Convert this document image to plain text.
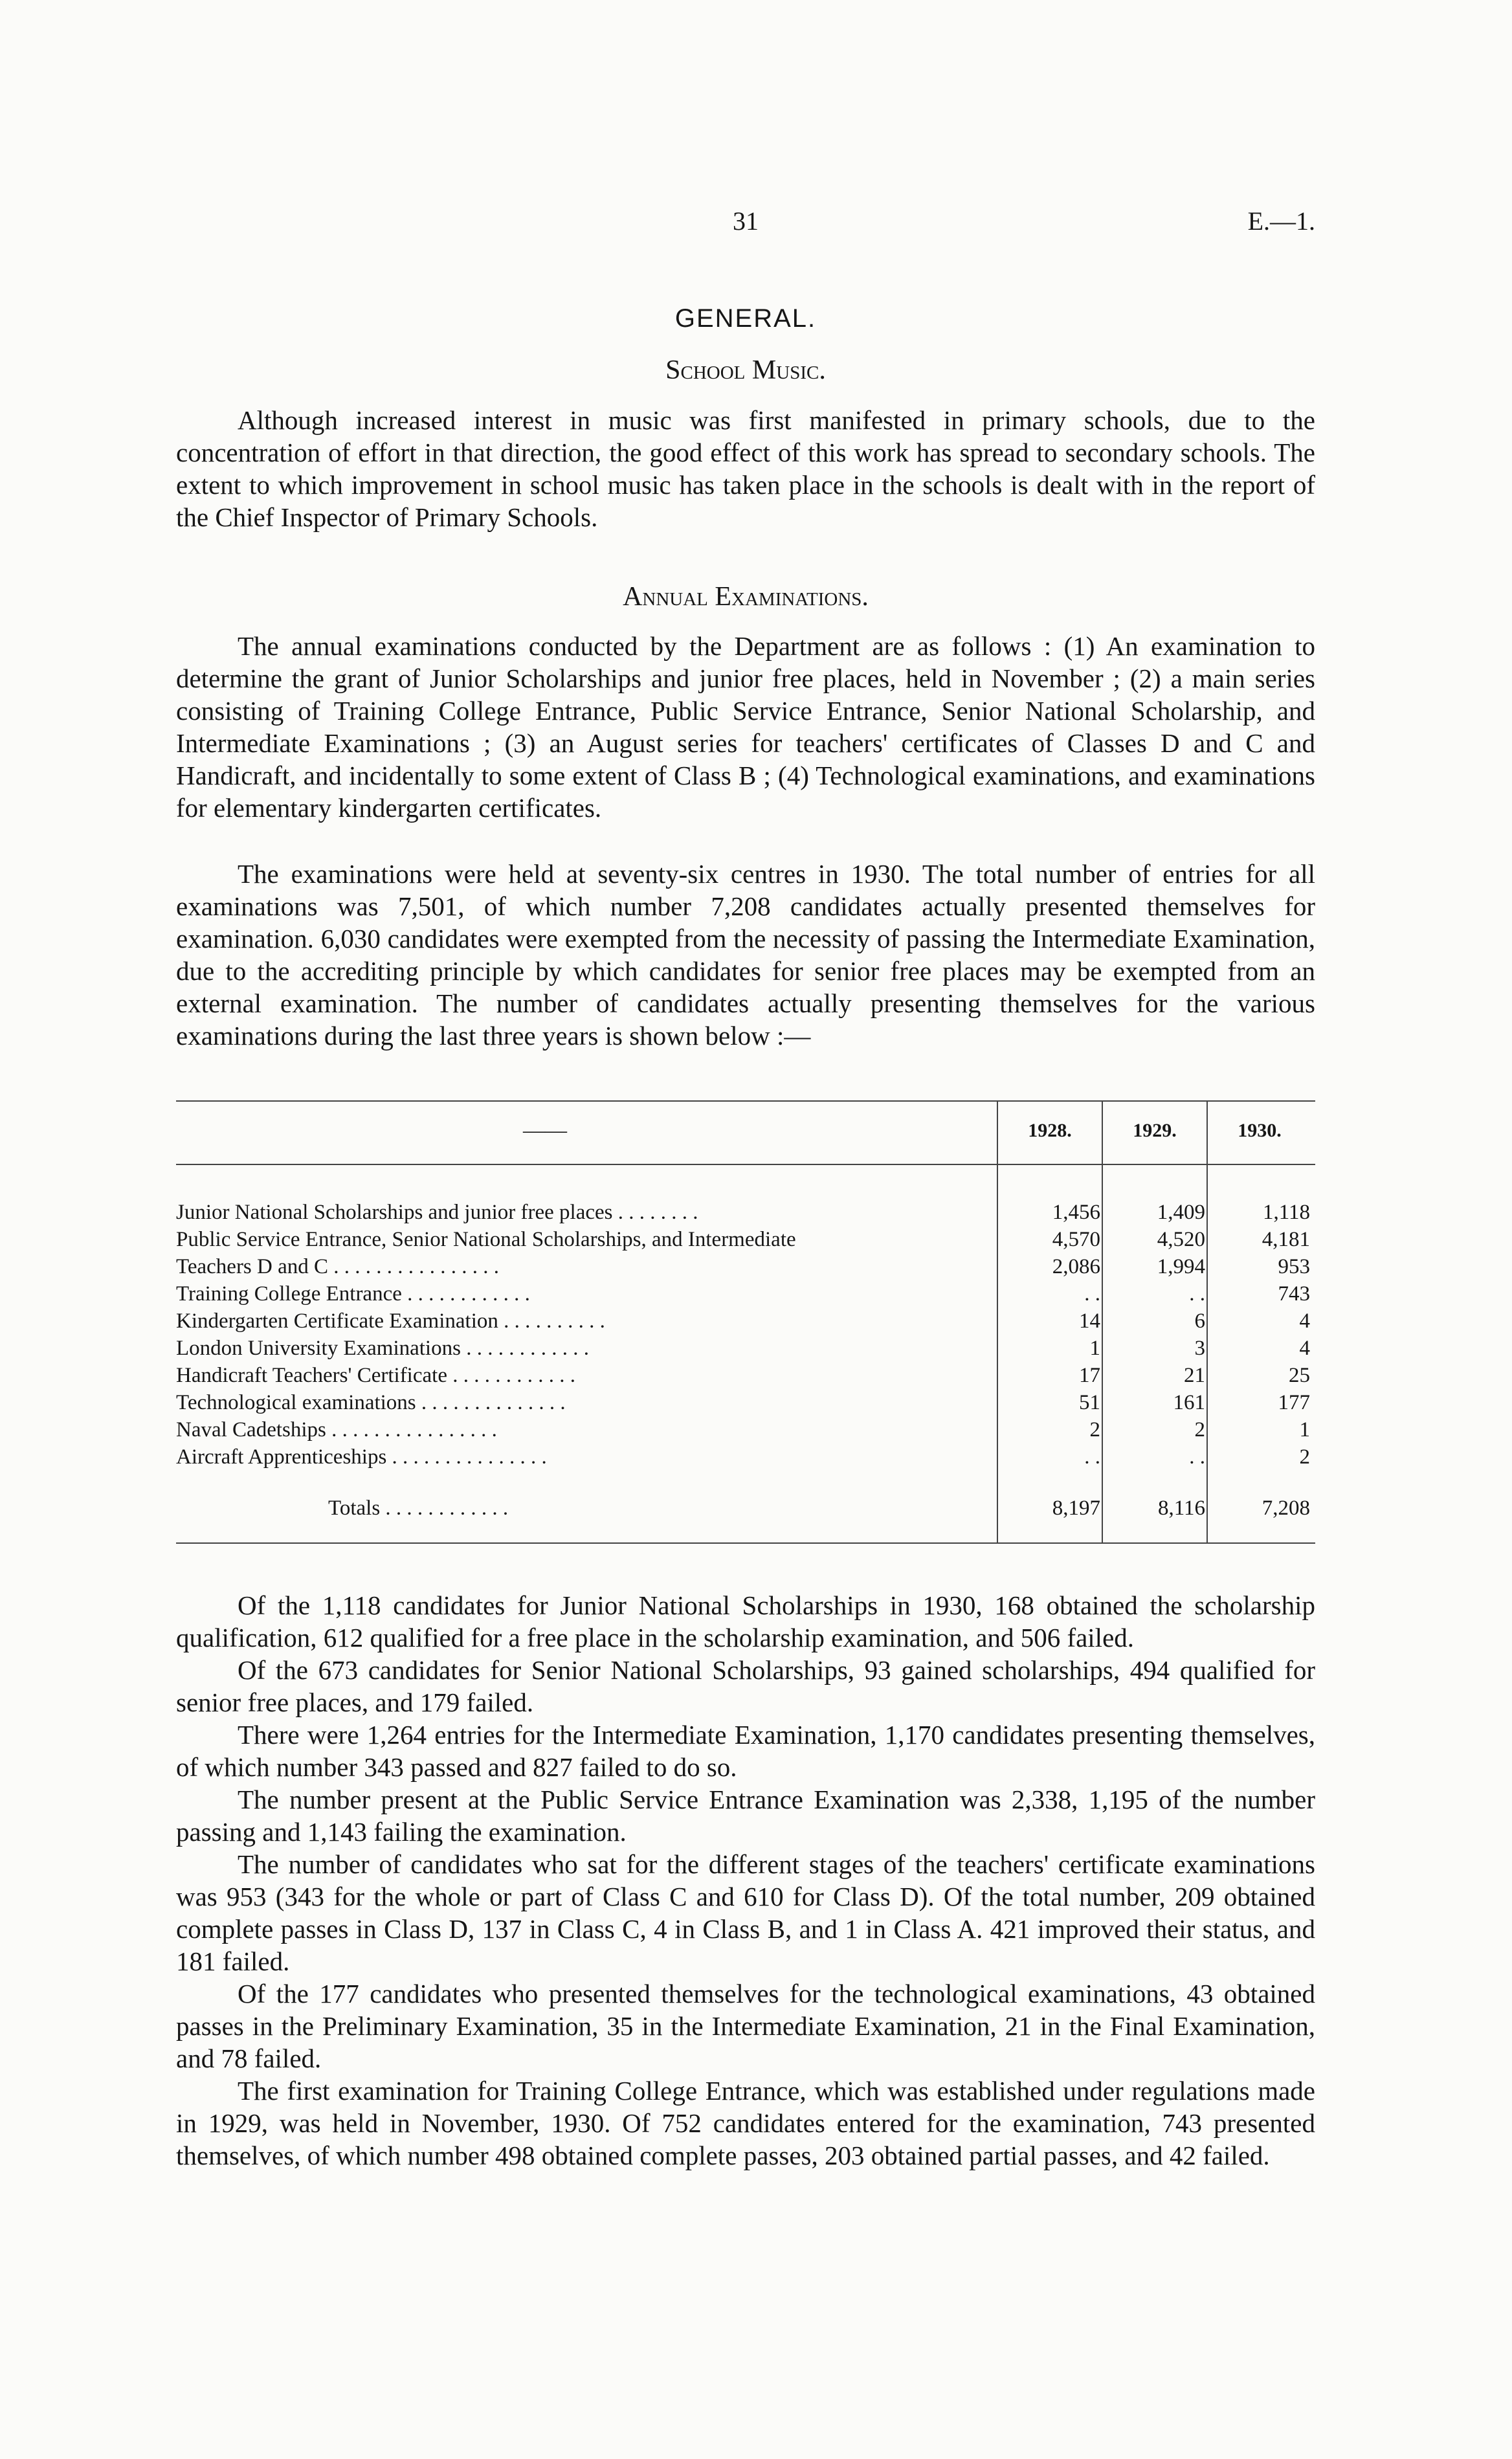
31	E.—1.
GENERAL.
School Music.

Although increased interest in music was first manifested in primary schools, due to the concentration of effort in that direction, the good effect of this work has spread to secondary schools. The extent to which improvement in school music has taken place in the schools is dealt with in the report of the Chief Inspector of Primary Schools.

Annual Examinations.

The annual examinations conducted by the Department are as follows : (1) An examination to determine the grant of Junior Scholarships and junior free places, held in November ; (2) a main series consisting of Training College Entrance, Public Service Entrance, Senior National Scholarship, and Intermediate Examinations ; (3) an August series for teachers' certificates of Classes D and C and Handicraft, and incidentally to some extent of Class B ; (4) Technological examinations, and examinations for elementary kindergarten certificates.

The examinations were held at seventy-six centres in 1930. The total number of entries for all examinations was 7,501, of which number 7,208 candidates actually presented themselves for examination. 6,030 candidates were exempted from the necessity of passing the Intermediate Examination, due to the accrediting principle by which candidates for senior free places may be exempted from an external examination. The number of candidates actually presenting themselves for the various examinations during the last three years is shown below :—

——	1928.	1929.	1930.
Junior National Scholarships and junior free places . . . . . . . .	1,456	1,409	1,118
Public Service Entrance, Senior National Scholarships, and Intermediate	4,570	4,520	4,181
Teachers D and C . . . . . . . . . . . . . . . .	2,086	1,994	953
Training College Entrance . . . . . . . . . . . .	. .	. .	743
Kindergarten Certificate Examination . . . . . . . . . .	14	6	4
London University Examinations . . . . . . . . . . . .	1	3	4
Handicraft Teachers' Certificate . . . . . . . . . . . .	17	21	25
Technological examinations . . . . . . . . . . . . . .	51	161	177
Naval Cadetships . . . . . . . . . . . . . . . .	2	2	1
Aircraft Apprenticeships . . . . . . . . . . . . . . .	. .	. .	2
Totals . . . . . . . . . . . .	8,197	8,116	7,208

Of the 1,118 candidates for Junior National Scholarships in 1930, 168 obtained the scholarship qualification, 612 qualified for a free place in the scholarship examination, and 506 failed.

Of the 673 candidates for Senior National Scholarships, 93 gained scholarships, 494 qualified for senior free places, and 179 failed.

There were 1,264 entries for the Intermediate Examination, 1,170 candidates presenting themselves, of which number 343 passed and 827 failed to do so.

The number present at the Public Service Entrance Examination was 2,338, 1,195 of the number passing and 1,143 failing the examination.

The number of candidates who sat for the different stages of the teachers' certificate examinations was 953 (343 for the whole or part of Class C and 610 for Class D). Of the total number, 209 obtained complete passes in Class D, 137 in Class C, 4 in Class B, and 1 in Class A. 421 improved their status, and 181 failed.

Of the 177 candidates who presented themselves for the technological examinations, 43 obtained passes in the Preliminary Examination, 35 in the Intermediate Examination, 21 in the Final Examination, and 78 failed.

The first examination for Training College Entrance, which was established under regulations made in 1929, was held in November, 1930. Of 752 candidates entered for the examination, 743 presented themselves, of which number 498 obtained complete passes, 203 obtained partial passes, and 42 failed.
